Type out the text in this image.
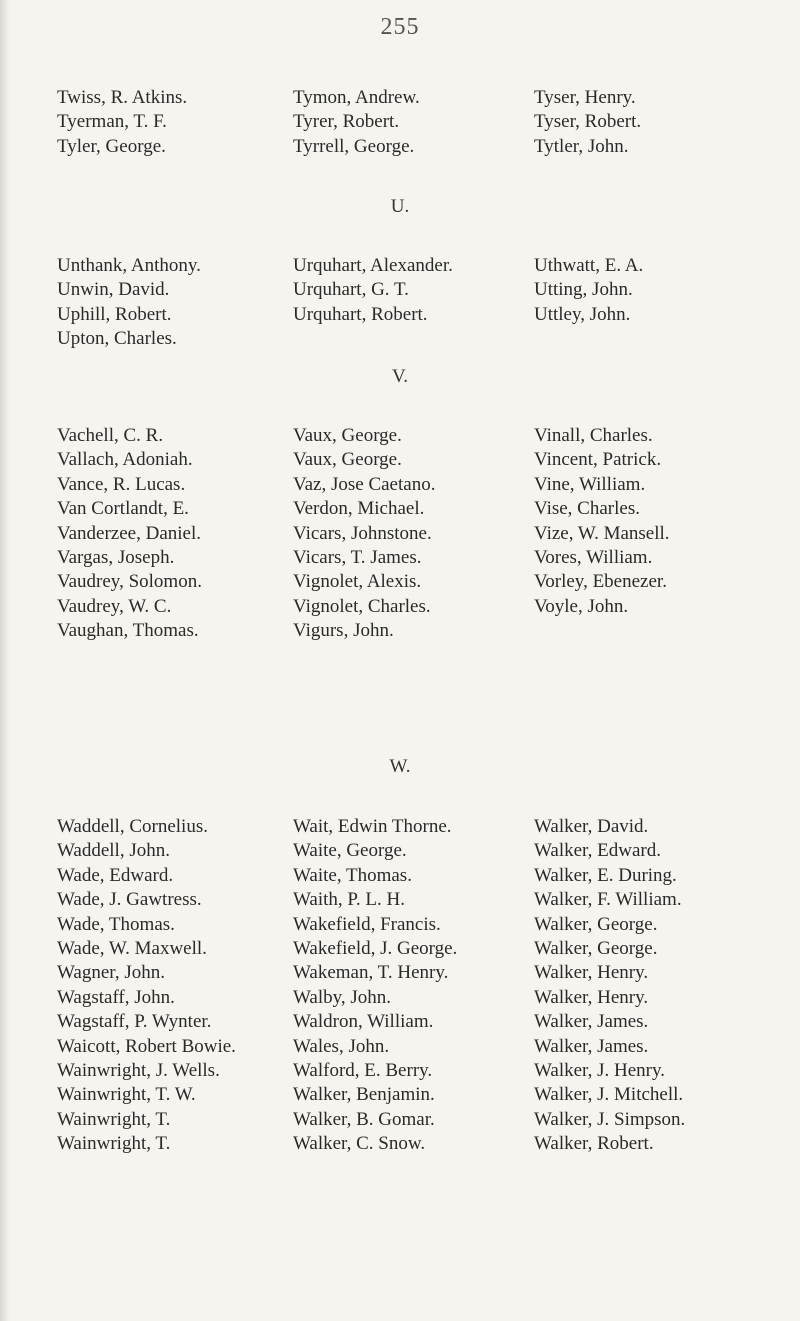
255
Twiss, R. Atkins.
Tyerman, T. F.
Tyler, George.
Tymon, Andrew.
Tyrer, Robert.
Tyrrell, George.
Tyser, Henry.
Tyser, Robert.
Tytler, John.
U.
Unthank, Anthony.
Unwin, David.
Uphill, Robert.
Upton, Charles.
Urquhart, Alexander.
Urquhart, G. T.
Urquhart, Robert.
Uthwatt, E. A.
Utting, John.
Uttley, John.
V.
Vachell, C. R.
Vallach, Adoniah.
Vance, R. Lucas.
Van Cortlandt, E.
Vanderzee, Daniel.
Vargas, Joseph.
Vaudrey, Solomon.
Vaudrey, W. C.
Vaughan, Thomas.
Vaux, George.
Vaux, George.
Vaz, Jose Caetano.
Verdon, Michael.
Vicars, Johnstone.
Vicars, T. James.
Vignolet, Alexis.
Vignolet, Charles.
Vigurs, John.
Vinall, Charles.
Vincent, Patrick.
Vine, William.
Vise, Charles.
Vize, W. Mansell.
Vores, William.
Vorley, Ebenezer.
Voyle, John.
W.
Waddell, Cornelius.
Waddell, John.
Wade, Edward.
Wade, J. Gawtress.
Wade, Thomas.
Wade, W. Maxwell.
Wagner, John.
Wagstaff, John.
Wagstaff, P. Wynter.
Waicott, Robert Bowie.
Wainwright, J. Wells.
Wainwright, T. W.
Wainwright, T.
Wainwright, T.
Wait, Edwin Thorne.
Waite, George.
Waite, Thomas.
Waith, P. L. H.
Wakefield, Francis.
Wakefield, J. George.
Wakeman, T. Henry.
Walby, John.
Waldron, William.
Wales, John.
Walford, E. Berry.
Walker, Benjamin.
Walker, B. Gomar.
Walker, C. Snow.
Walker, David.
Walker, Edward.
Walker, E. During.
Walker, F. William.
Walker, George.
Walker, George.
Walker, Henry.
Walker, Henry.
Walker, James.
Walker, James.
Walker, J. Henry.
Walker, J. Mitchell.
Walker, J. Simpson.
Walker, Robert.
